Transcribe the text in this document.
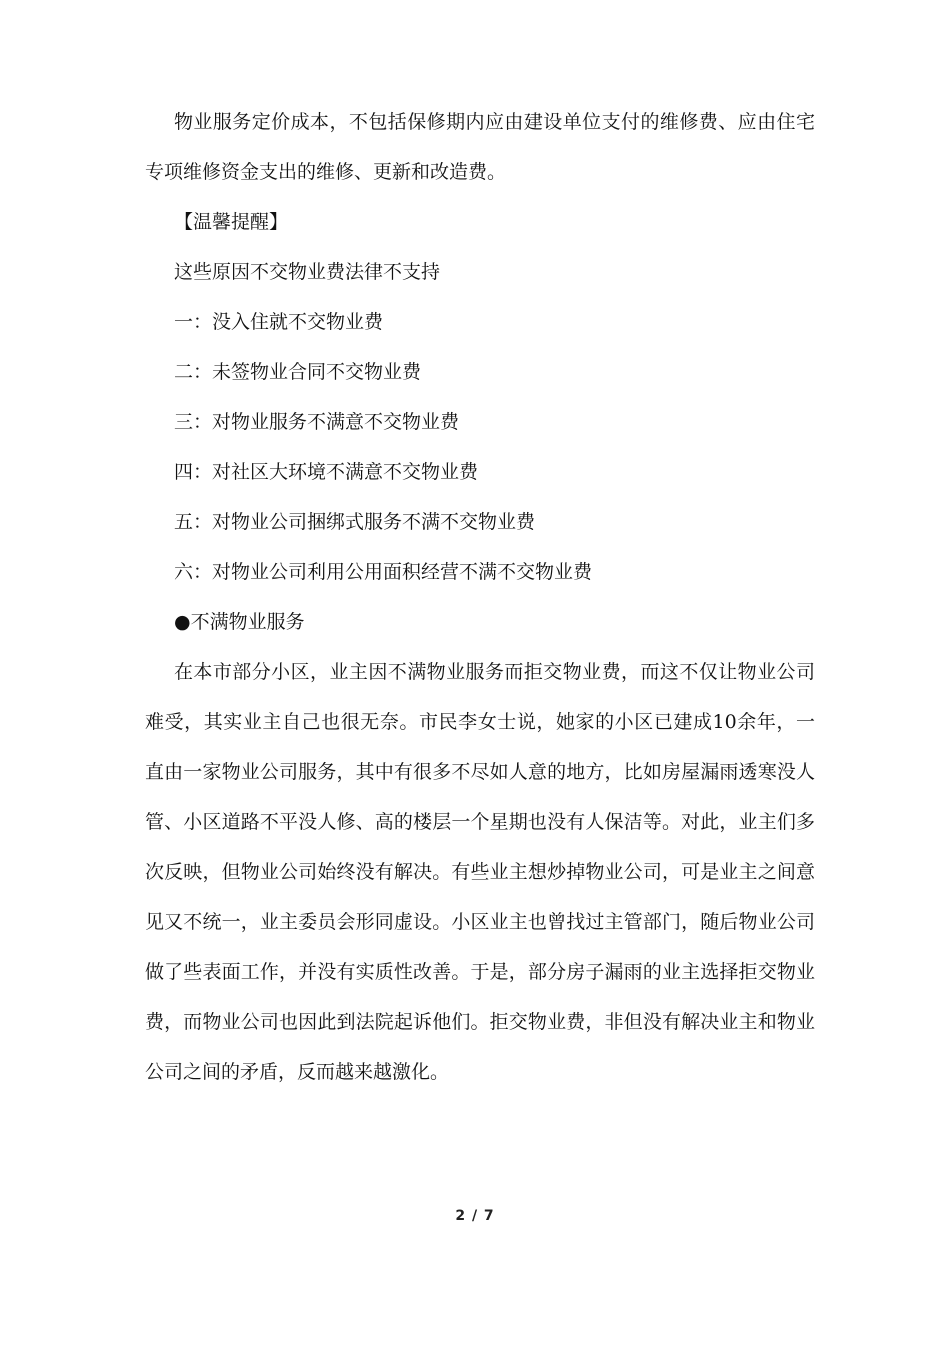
物业服务定价成本，不包括保修期内应由建设单位支付的维修费、应由住宅专项维修资金支出的维修、更新和改造费。

【温馨提醒】

这些原因不交物业费法律不支持

一：没入住就不交物业费

二：未签物业合同不交物业费

三：对物业服务不满意不交物业费

四：对社区大环境不满意不交物业费

五：对物业公司捆绑式服务不满不交物业费

六：对物业公司利用公用面积经营不满不交物业费

●不满物业服务

在本市部分小区，业主因不满物业服务而拒交物业费，而这不仅让物业公司难受，其实业主自己也很无奈。市民李女士说，她家的小区已建成10余年，一直由一家物业公司服务，其中有很多不尽如人意的地方，比如房屋漏雨透寒没人管、小区道路不平没人修、高的楼层一个星期也没有人保洁等。对此，业主们多次反映，但物业公司始终没有解决。有些业主想炒掉物业公司，可是业主之间意见又不统一，业主委员会形同虚设。小区业主也曾找过主管部门，随后物业公司做了些表面工作，并没有实质性改善。于是，部分房子漏雨的业主选择拒交物业费，而物业公司也因此到法院起诉他们。拒交物业费，非但没有解决业主和物业公司之间的矛盾，反而越来越激化。

2 / 7
